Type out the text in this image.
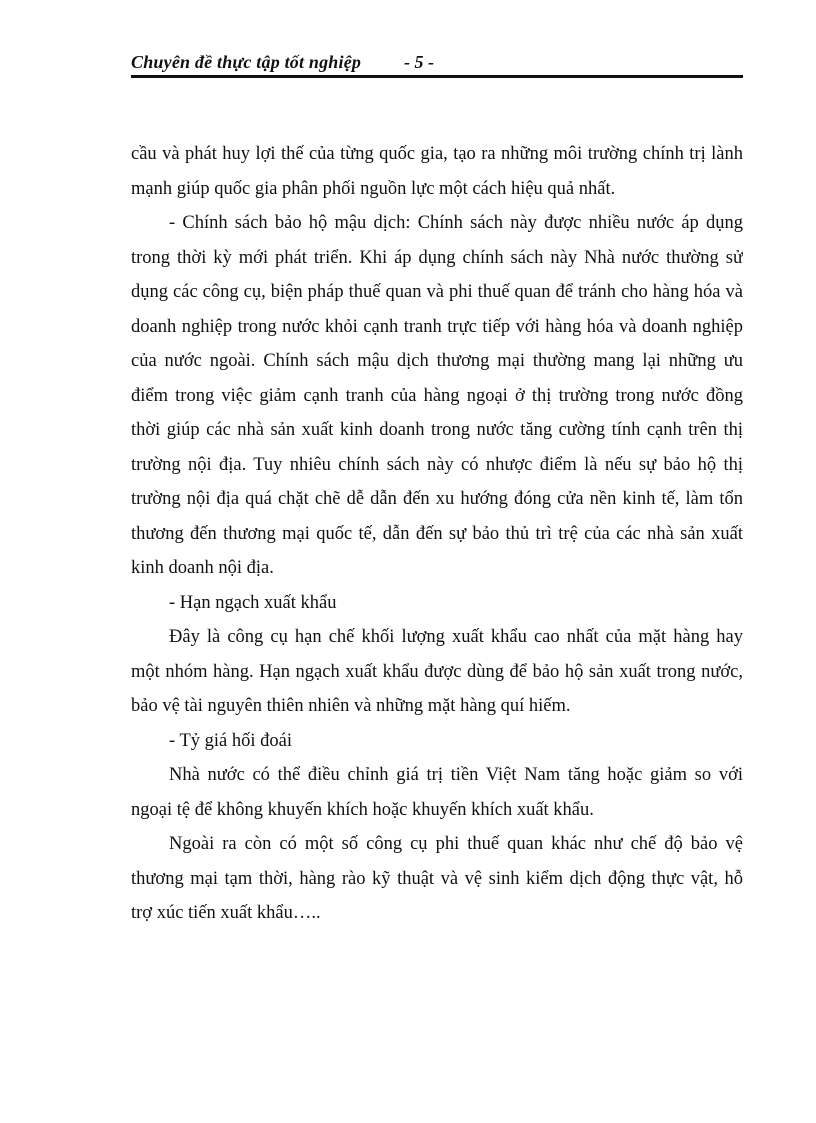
Chuyên đề thực tập tốt nghiệp - 5 -
cầu và phát huy lợi thế của từng quốc gia, tạo ra những môi trường chính trị lành
mạnh giúp quốc gia phân phối nguồn lực một cách hiệu quả nhất.
- Chính sách bảo hộ mậu dịch: Chính sách này được nhiều nước áp dụng
trong thời kỳ mới phát triển. Khi áp dụng chính sách này Nhà nước thường sử
dụng các công cụ, biện pháp thuế quan và phi thuế quan để tránh cho hàng hóa và
doanh nghiệp trong nước khỏi cạnh tranh trực tiếp với hàng hóa và doanh nghiệp
của nước ngoài. Chính sách mậu dịch thương mại thường mang lại những ưu
điểm trong việc giảm cạnh tranh của hàng ngoại ở thị trường trong nước đồng
thời giúp các nhà sản xuất kinh doanh trong nước tăng cường tính cạnh trên thị
trường nội địa. Tuy nhiêu chính sách này có nhược điểm là nếu sự bảo hộ thị
trường nội địa quá chặt chẽ dễ dẫn đến xu hướng đóng cửa nền kinh tế, làm tổn
thương đến thương mại quốc tế, dẫn đến sự bảo thủ trì trệ của các nhà sản xuất
kinh doanh nội địa.
- Hạn ngạch xuất khẩu
Đây là công cụ hạn chế khối lượng xuất khẩu cao nhất của mặt hàng hay
một nhóm hàng. Hạn ngạch xuất khẩu được dùng để bảo hộ sản xuất trong nước,
bảo vệ tài nguyên thiên nhiên và những mặt hàng quí hiếm.
- Tỷ giá hối đoái
Nhà nước có thể điều chỉnh giá trị tiền Việt Nam tăng hoặc giảm so với
ngoại tệ để không khuyến khích hoặc khuyến khích xuất khẩu.
Ngoài ra còn có một số công cụ phi thuế quan khác như chế độ bảo vệ
thương mại tạm thời, hàng rào kỹ thuật và vệ sinh kiểm dịch động thực vật, hỗ
trợ xúc tiến xuất khẩu…..
